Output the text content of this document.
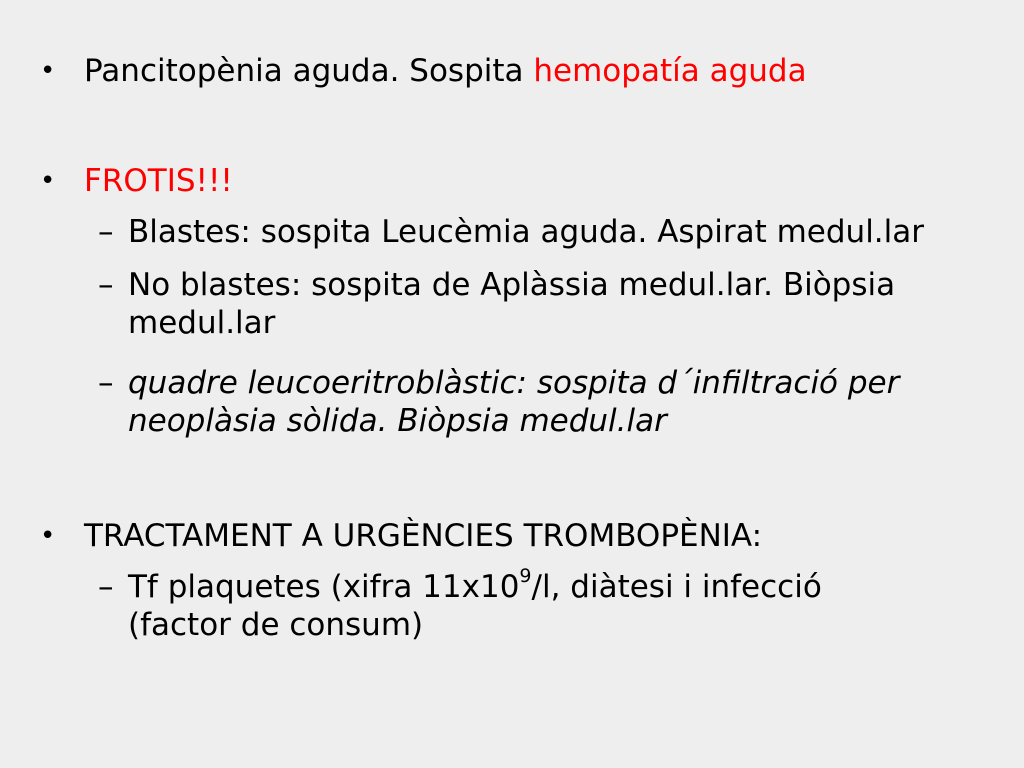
• Pancitopènia aguda. Sospita hemopatía aguda
• FROTIS!!!
– Blastes: sospita Leucèmia aguda. Aspirat medul.lar
– No blastes: sospita de Aplàssia medul.lar. Biòpsia
medul.lar
– quadre leucoeritroblàstic: sospita d´infiltració per
neoplàsia sòlida. Biòpsia medul.lar
• TRACTAMENT A URGÈNCIES TROMBOPÈNIA:
– Tf plaquetes (xifra $11x10^9/l$, diàtesi i infecció
(factor de consum)
